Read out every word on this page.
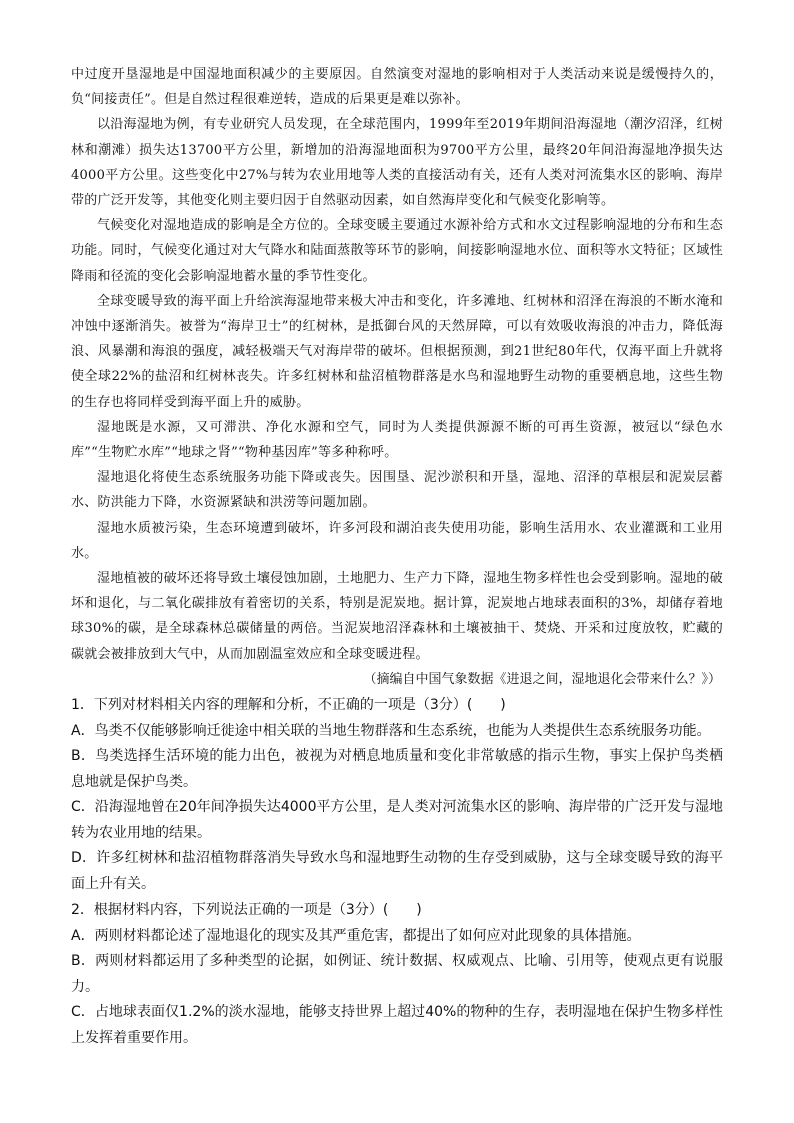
中过度开垦湿地是中国湿地面积减少的主要原因。自然演变对湿地的影响相对于人类活动来说是缓慢持久的，负“间接责任”。但是自然过程很难逆转，造成的后果更是难以弥补。

以沿海湿地为例，有专业研究人员发现，在全球范围内，1999年至2019年期间沿海湿地（潮汐沼泽，红树林和潮滩）损失达13700平方公里，新增加的沿海湿地面积为9700平方公里，最终20年间沿海湿地净损失达4000平方公里。这些变化中27%与转为农业用地等人类的直接活动有关，还有人类对河流集水区的影响、海岸带的广泛开发等，其他变化则主要归因于自然驱动因素，如自然海岸变化和气候变化影响等。

气候变化对湿地造成的影响是全方位的。全球变暖主要通过水源补给方式和水文过程影响湿地的分布和生态功能。同时，气候变化通过对大气降水和陆面蒸散等环节的影响，间接影响湿地水位、面积等水文特征；区域性降雨和径流的变化会影响湿地蓄水量的季节性变化。

全球变暖导致的海平面上升给滨海湿地带来极大冲击和变化，许多滩地、红树林和沼泽在海浪的不断水淹和冲蚀中逐渐消失。被誉为“海岸卫士”的红树林，是抵御台风的天然屏障，可以有效吸收海浪的冲击力，降低海浪、风暴潮和海浪的强度，减轻极端天气对海岸带的破坏。但根据预测，到21世纪80年代，仅海平面上升就将使全球22%的盐沼和红树林丧失。许多红树林和盐沼植物群落是水鸟和湿地野生动物的重要栖息地，这些生物的生存也将同样受到海平面上升的威胁。

湿地既是水源，又可滞洪、净化水源和空气，同时为人类提供源源不断的可再生资源，被冠以“绿色水库”“生物贮水库”“地球之肾”“物种基因库”等多种称呼。

湿地退化将使生态系统服务功能下降或丧失。因围垦、泥沙淤积和开垦，湿地、沼泽的草根层和泥炭层蓄水、防洪能力下降，水资源紧缺和洪涝等问题加剧。

湿地水质被污染，生态环境遭到破坏，许多河段和湖泊丧失使用功能，影响生活用水、农业灌溉和工业用水。

湿地植被的破坏还将导致土壤侵蚀加剧，土地肥力、生产力下降，湿地生物多样性也会受到影响。湿地的破坏和退化，与二氧化碳排放有着密切的关系，特别是泥炭地。据计算，泥炭地占地球表面积的3%，却储存着地球30%的碳，是全球森林总碳储量的两倍。当泥炭地沼泽森林和土壤被抽干、焚烧、开采和过度放牧，贮藏的碳就会被排放到大气中，从而加剧温室效应和全球变暖进程。

（摘编自中国气象数据《进退之间，湿地退化会带来什么？》）

1．下列对材料相关内容的理解和分析，不正确的一项是（3分）(　　)

A．鸟类不仅能够影响迁徙途中相关联的当地生物群落和生态系统，也能为人类提供生态系统服务功能。

B．鸟类选择生活环境的能力出色，被视为对栖息地质量和变化非常敏感的指示生物，事实上保护鸟类栖息地就是保护鸟类。

C．沿海湿地曾在20年间净损失达4000平方公里，是人类对河流集水区的影响、海岸带的广泛开发与湿地转为农业用地的结果。

D．许多红树林和盐沼植物群落消失导致水鸟和湿地野生动物的生存受到威胁，这与全球变暖导致的海平面上升有关。

2．根据材料内容，下列说法正确的一项是（3分）(　　)

A．两则材料都论述了湿地退化的现实及其严重危害，都提出了如何应对此现象的具体措施。

B．两则材料都运用了多种类型的论据，如例证、统计数据、权威观点、比喻、引用等，使观点更有说服力。

C．占地球表面仅1.2%的淡水湿地，能够支持世界上超过40%的物种的生存，表明湿地在保护生物多样性上发挥着重要作用。
